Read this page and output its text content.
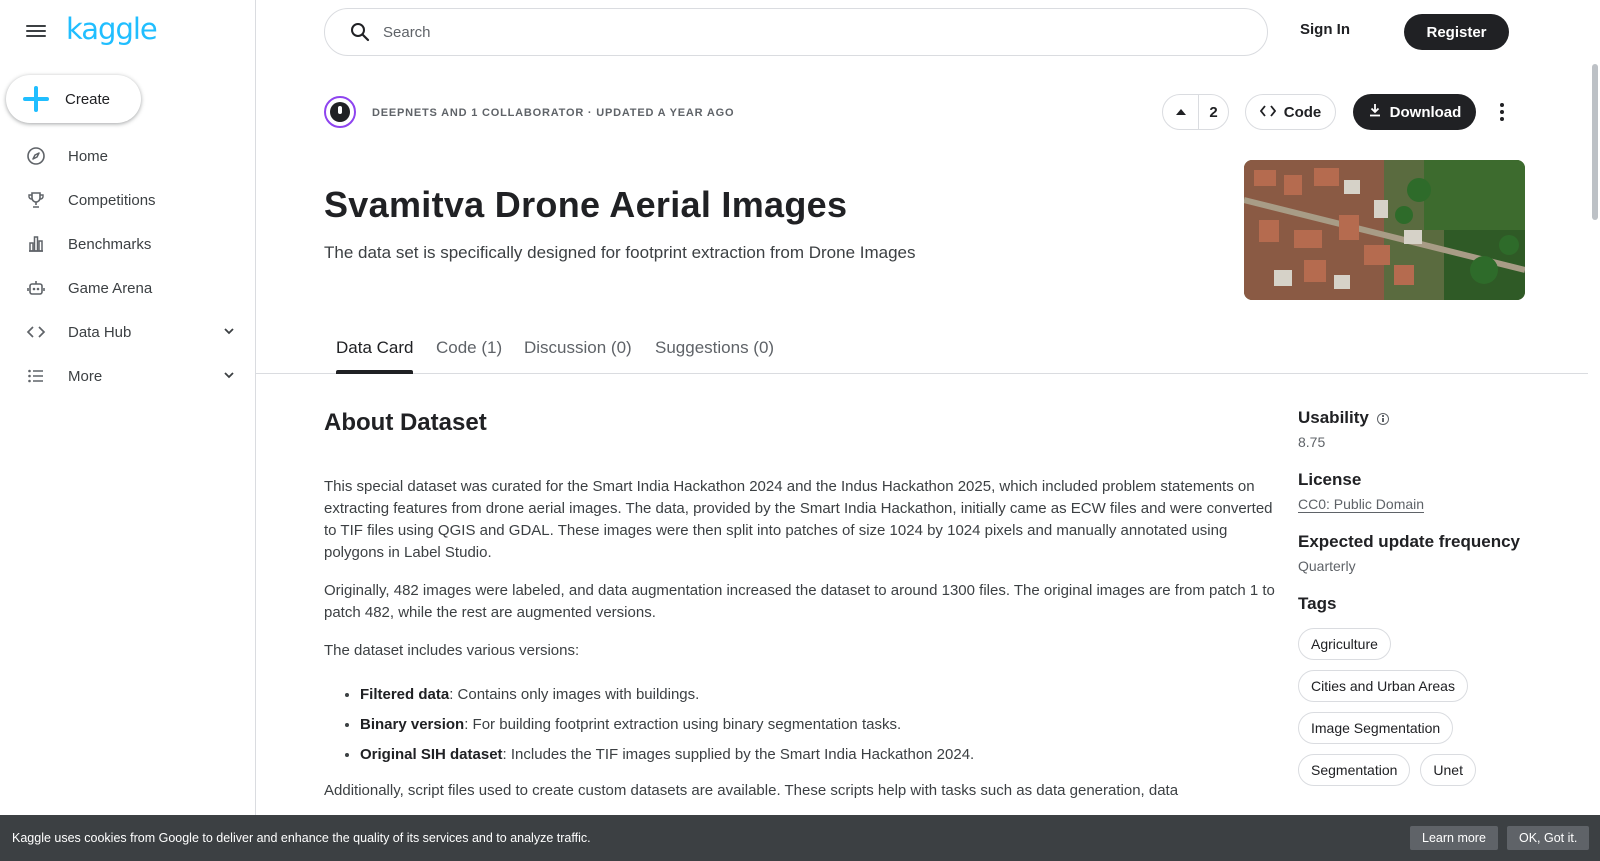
kaggle
Create
Home
Competitions
Benchmarks
Game Arena
Data Hub
More
Search
Sign In	Register
DEEPNETS AND 1 COLLABORATOR · UPDATED A YEAR AGO	2	Code	Download
Svamitva Drone Aerial Images
The data set is specifically designed for footprint extraction from Drone Images
Data Card Code (1) Discussion (0) Suggestions (0)
About Dataset

This special dataset was curated for the Smart India Hackathon 2024 and the Indus Hackathon 2025, which included problem statements on extracting features from drone aerial images. The data, provided by the Smart India Hackathon, initially came as ECW files and were converted to TIF files using QGIS and GDAL. These images were then split into patches of size 1024 by 1024 pixels and manually annotated using polygons in Label Studio.

Originally, 482 images were labeled, and data augmentation increased the dataset to around 1300 files. The original images are from patch 1 to patch 482, while the rest are augmented versions.

The dataset includes various versions:

• Filtered data: Contains only images with buildings.
• Binary version: For building footprint extraction using binary segmentation tasks.
• Original SIH dataset: Includes the TIF images supplied by the Smart India Hackathon 2024.

Additionally, script files used to create custom datasets are available. These scripts help with tasks such as data generation, data

Usability
8.75
License
CC0: Public Domain
Expected update frequency
Quarterly
Tags
Agriculture
Cities and Urban Areas
Image Segmentation
Segmentation	Unet
Kaggle uses cookies from Google to deliver and enhance the quality of its services and to analyze traffic.	Learn more	OK, Got it.
